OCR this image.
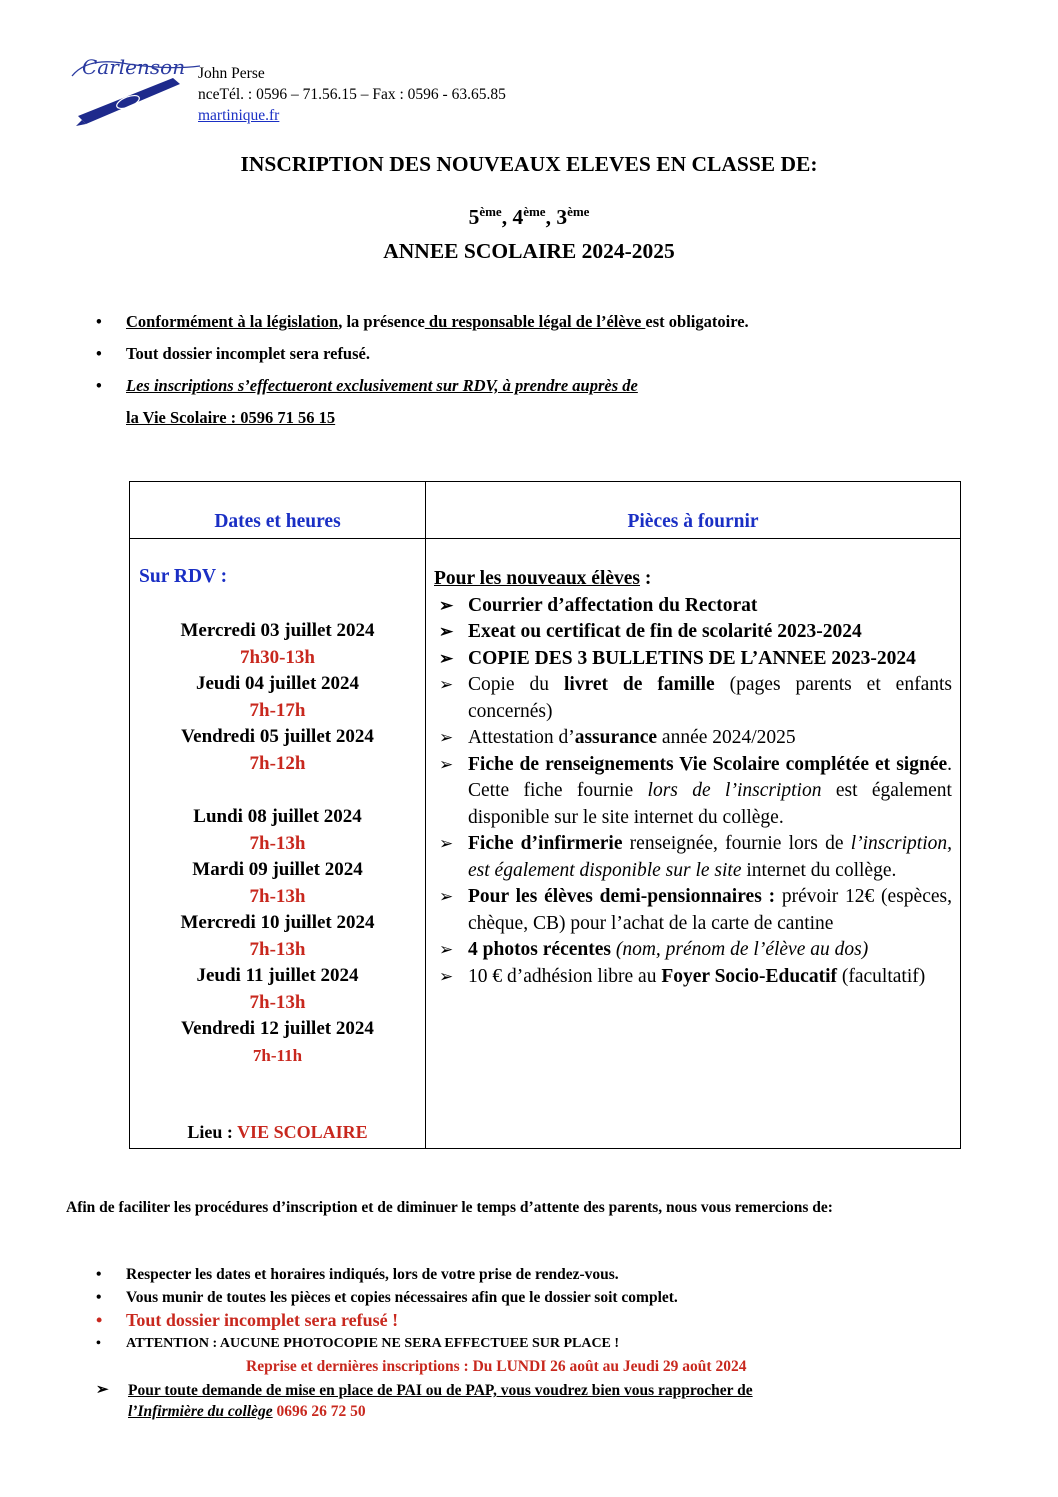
Carlenson John Perse
nceTél. : 0596 – 71.56.15 – Fax : 0596 - 63.65.85
martinique.fr
INSCRIPTION DES NOUVEAUX ELEVES EN CLASSE DE:
5ème, 4ème, 3ème
ANNEE SCOLAIRE 2024-2025
• Conformément à la législation, la présence du responsable légal de l’élève est obligatoire.
• Tout dossier incomplet sera refusé.
• Les inscriptions s’effectueront exclusivement sur RDV, à prendre auprès de
la Vie Scolaire : 0596 71 56 15
Dates et heures	Pièces à fournir
Sur RDV :
Mercredi 03 juillet 2024
7h30-13h
Jeudi 04 juillet 2024
7h-17h
Vendredi 05 juillet 2024
7h-12h
Lundi 08 juillet 2024
7h-13h
Mardi 09 juillet 2024
7h-13h
Mercredi 10 juillet 2024
7h-13h
Jeudi 11 juillet 2024
7h-13h
Vendredi 12 juillet 2024
7h-11h
Lieu : VIE SCOLAIRE
Pour les nouveaux élèves :
➢ Courrier d’affectation du Rectorat
➢ Exeat ou certificat de fin de scolarité 2023-2024
➢ COPIE DES 3 BULLETINS DE L’ANNEE 2023-2024
➢ Copie du livret de famille (pages parents et enfants concernés)
➢ Attestation d’assurance année 2024/2025
➢ Fiche de renseignements Vie Scolaire complétée et signée. Cette fiche fournie lors de l’inscription est également disponible sur le site internet du collège.
➢ Fiche d’infirmerie renseignée, fournie lors de l’inscription, est également disponible sur le site internet du collège.
➢ Pour les élèves demi-pensionnaires : prévoir 12€ (espèces, chèque, CB) pour l’achat de la carte de cantine
➢ 4 photos récentes (nom, prénom de l’élève au dos)
➢ 10 € d’adhésion libre au Foyer Socio-Educatif (facultatif)
Afin de faciliter les procédures d’inscription et de diminuer le temps d’attente des parents, nous vous remercions de:
• Respecter les dates et horaires indiqués, lors de votre prise de rendez-vous.
• Vous munir de toutes les pièces et copies nécessaires afin que le dossier soit complet.
• Tout dossier incomplet sera refusé !
• ATTENTION : AUCUNE PHOTOCOPIE NE SERA EFFECTUEE SUR PLACE !
Reprise et dernières inscriptions : Du LUNDI 26 août au Jeudi 29 août 2024
➢ Pour toute demande de mise en place de PAI ou de PAP, vous voudrez bien vous rapprocher de
l’Infirmière du collège 0696 26 72 50
